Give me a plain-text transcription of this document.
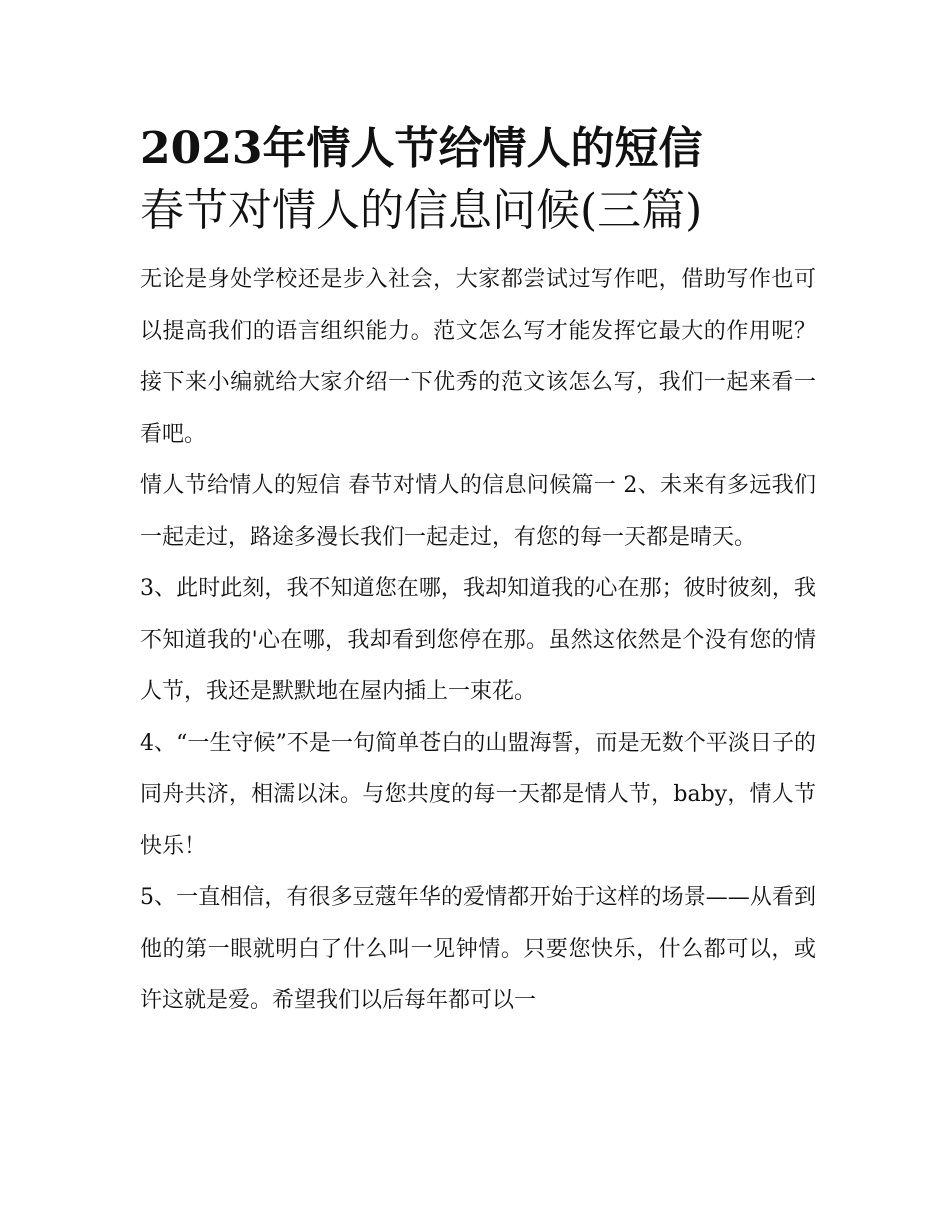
2023年情人节给情人的短信
春节对情人的信息问候(三篇)

无论是身处学校还是步入社会，大家都尝试过写作吧，借助写作也可以提高我们的语言组织能力。范文怎么写才能发挥它最大的作用呢？接下来小编就给大家介绍一下优秀的范文该怎么写，我们一起来看一看吧。

情人节给情人的短信 春节对情人的信息问候篇一 2、未来有多远我们一起走过，路途多漫长我们一起走过，有您的每一天都是晴天。

3、此时此刻，我不知道您在哪，我却知道我的心在那；彼时彼刻，我不知道我的'心在哪，我却看到您停在那。虽然这依然是个没有您的情人节，我还是默默地在屋内插上一束花。

4、“一生守候”不是一句简单苍白的山盟海誓，而是无数个平淡日子的同舟共济，相濡以沫。与您共度的每一天都是情人节，baby，情人节快乐！

5、一直相信，有很多豆蔻年华的爱情都开始于这样的场景——从看到他的第一眼就明白了什么叫一见钟情。只要您快乐，什么都可以，或许这就是爱。希望我们以后每年都可以一
